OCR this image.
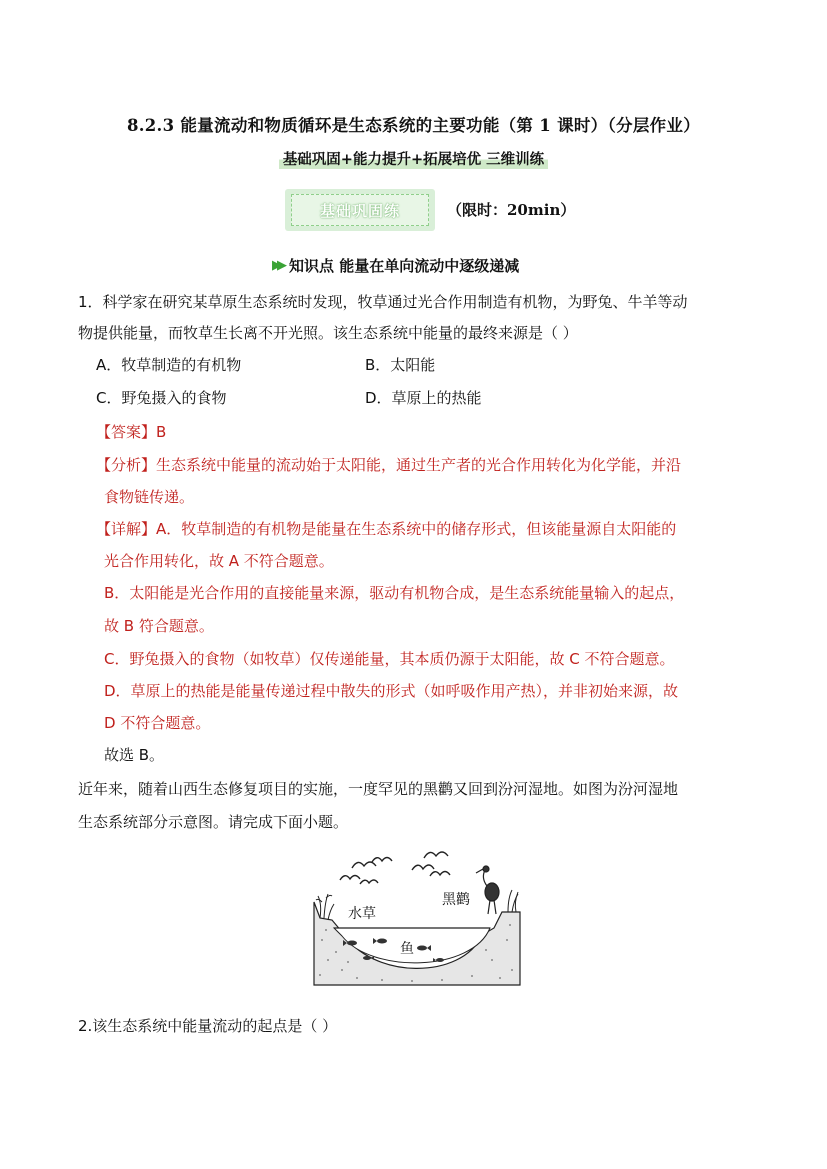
8.2.3 能量流动和物质循环是生态系统的主要功能（第 1 课时）（分层作业）
基础巩固+能力提升+拓展培优 三维训练
基础巩固练	（限时：20min）
▶▶ 知识点 能量在单向流动中逐级递减
1．科学家在研究某草原生态系统时发现，牧草通过光合作用制造有机物，为野兔、牛羊等动
物提供能量，而牧草生长离不开光照。该生态系统中能量的最终来源是（ ）
A．牧草制造的有机物	B．太阳能
C．野兔摄入的食物	D．草原上的热能
【答案】B
【分析】生态系统中能量的流动始于太阳能，通过生产者的光合作用转化为化学能，并沿
食物链传递。
【详解】A．牧草制造的有机物是能量在生态系统中的储存形式，但该能量源自太阳能的
光合作用转化，故 A 不符合题意。
B．太阳能是光合作用的直接能量来源，驱动有机物合成，是生态系统能量输入的起点，
故 B 符合题意。
C．野兔摄入的食物（如牧草）仅传递能量，其本质仍源于太阳能，故 C 不符合题意。
D．草原上的热能是能量传递过程中散失的形式（如呼吸作用产热），并非初始来源，故
D 不符合题意。
故选 B。
近年来，随着山西生态修复项目的实施，一度罕见的黑鹳又回到汾河湿地。如图为汾河湿地
生态系统部分示意图。请完成下面小题。
水草
黑鹳
鱼
2.该生态系统中能量流动的起点是（ ）
